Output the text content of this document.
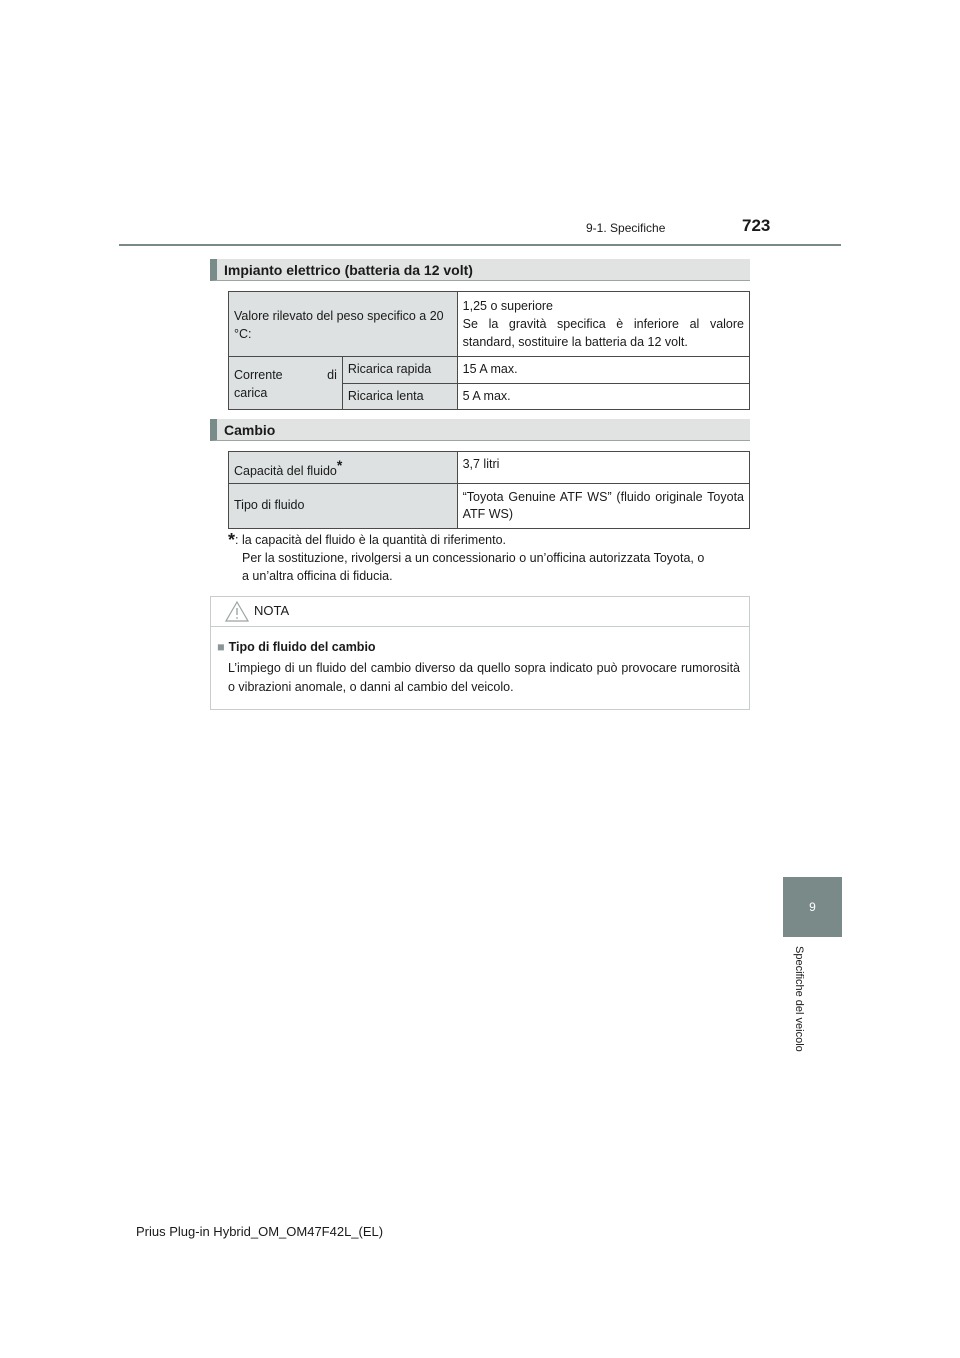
9-1. Specifiche	723
9
Specifiche del veicolo
Impianto elettrico (batteria da 12 volt)
Valore rilevato del peso specifico a 20 °C:		1,25 o superiore
Se la gravità specifica è inferiore al valore standard, sostituire la batteria da 12 volt.

Corrente di
carica	Ricarica rapida	15 A max.
	Ricarica lenta	5 A max.
Cambio
Capacità del fluido*	3,7 litri
Tipo di fluido	“Toyota Genuine ATF WS” (fluido originale Toyota ATF WS)
*: la capacità del fluido è la quantità di riferimento.
Per la sostituzione, rivolgersi a un concessionario o un’officina autorizzata Toyota, o
a un’altra officina di fiducia.
NOTA
■ Tipo di fluido del cambio
L’impiego di un fluido del cambio diverso da quello sopra indicato può provocare rumorosità o vibrazioni anomale, o danni al cambio del veicolo.
Prius Plug-in Hybrid_OM_OM47F42L_(EL)
